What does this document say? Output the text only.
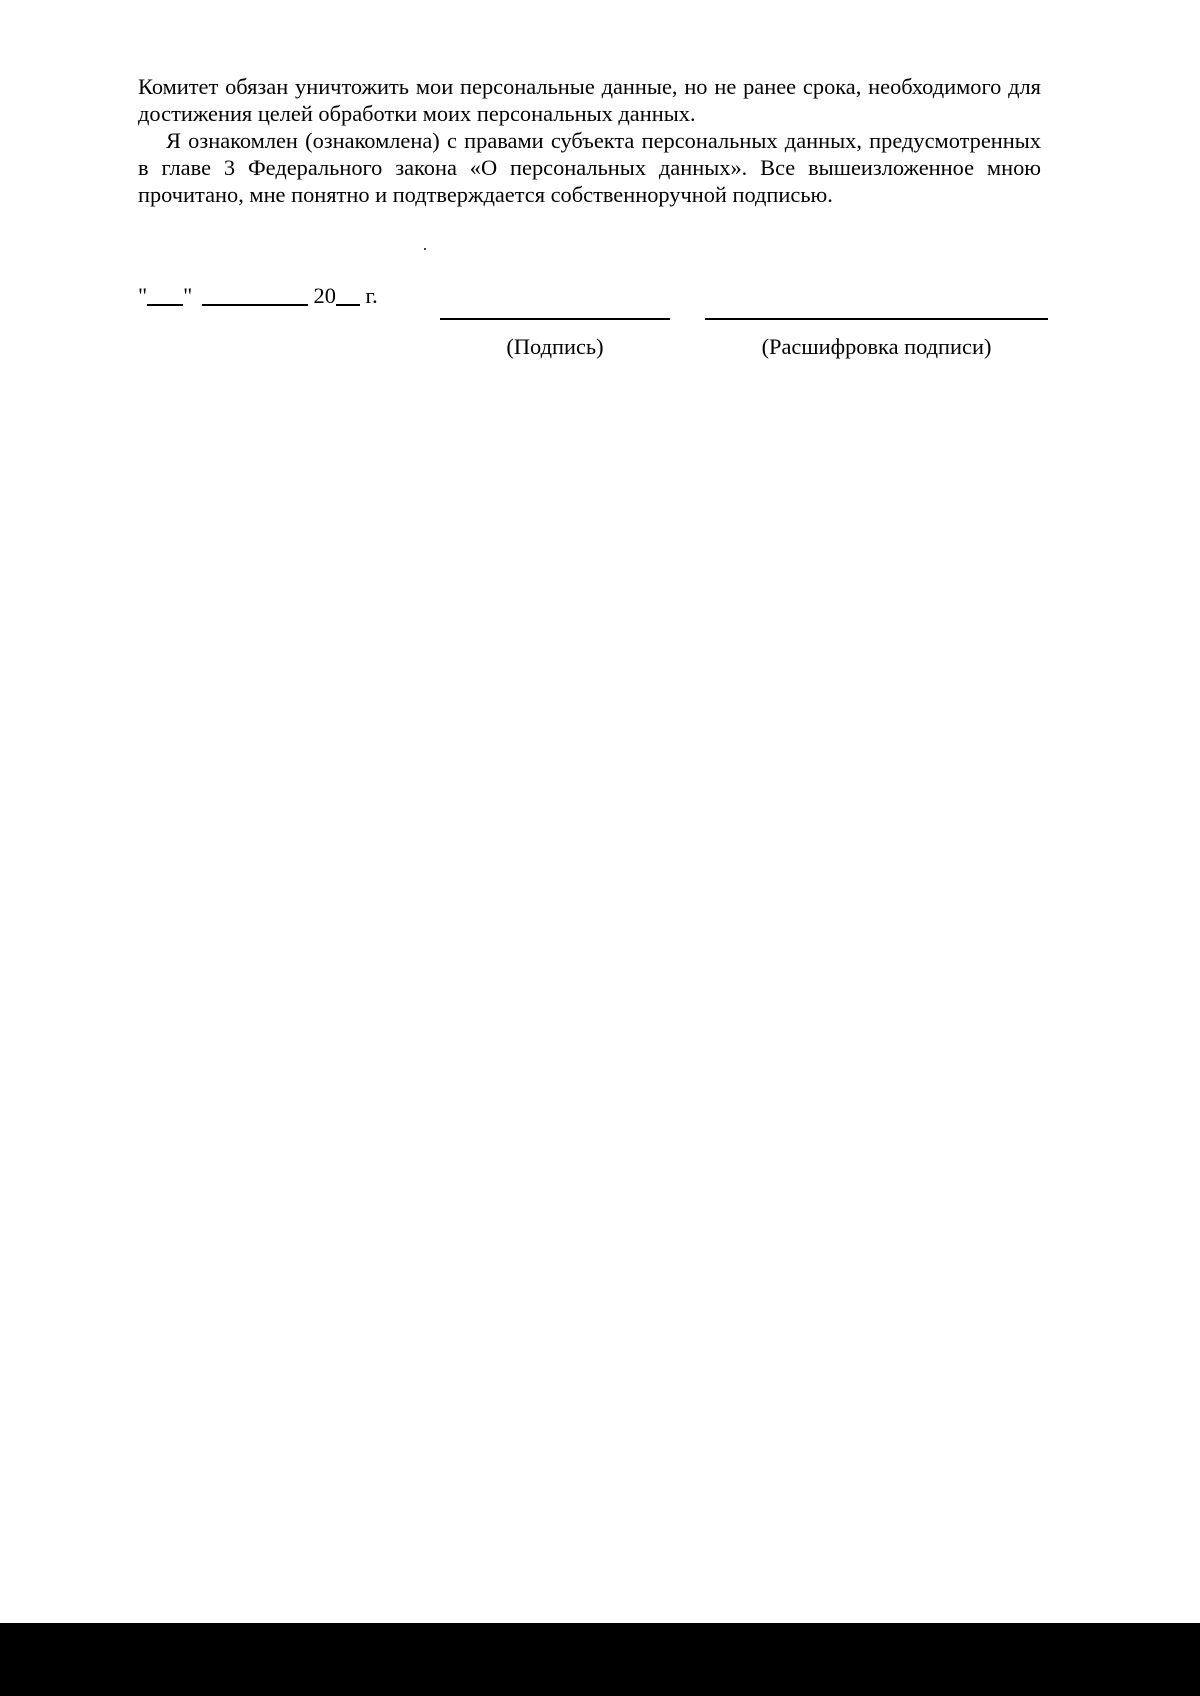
Комитет обязан уничтожить мои персональные данные, но не ранее срока, необходимого для достижения целей обработки моих персональных данных.

Я ознакомлен (ознакомлена) с правами субъекта персональных данных, предусмотренных в главе 3 Федерального закона «О персональных данных». Все вышеизложенное мною прочитано, мне понятно и подтверждается собственноручной подписью.

" "	20 г.
(Подпись)	(Расшифровка подписи)
